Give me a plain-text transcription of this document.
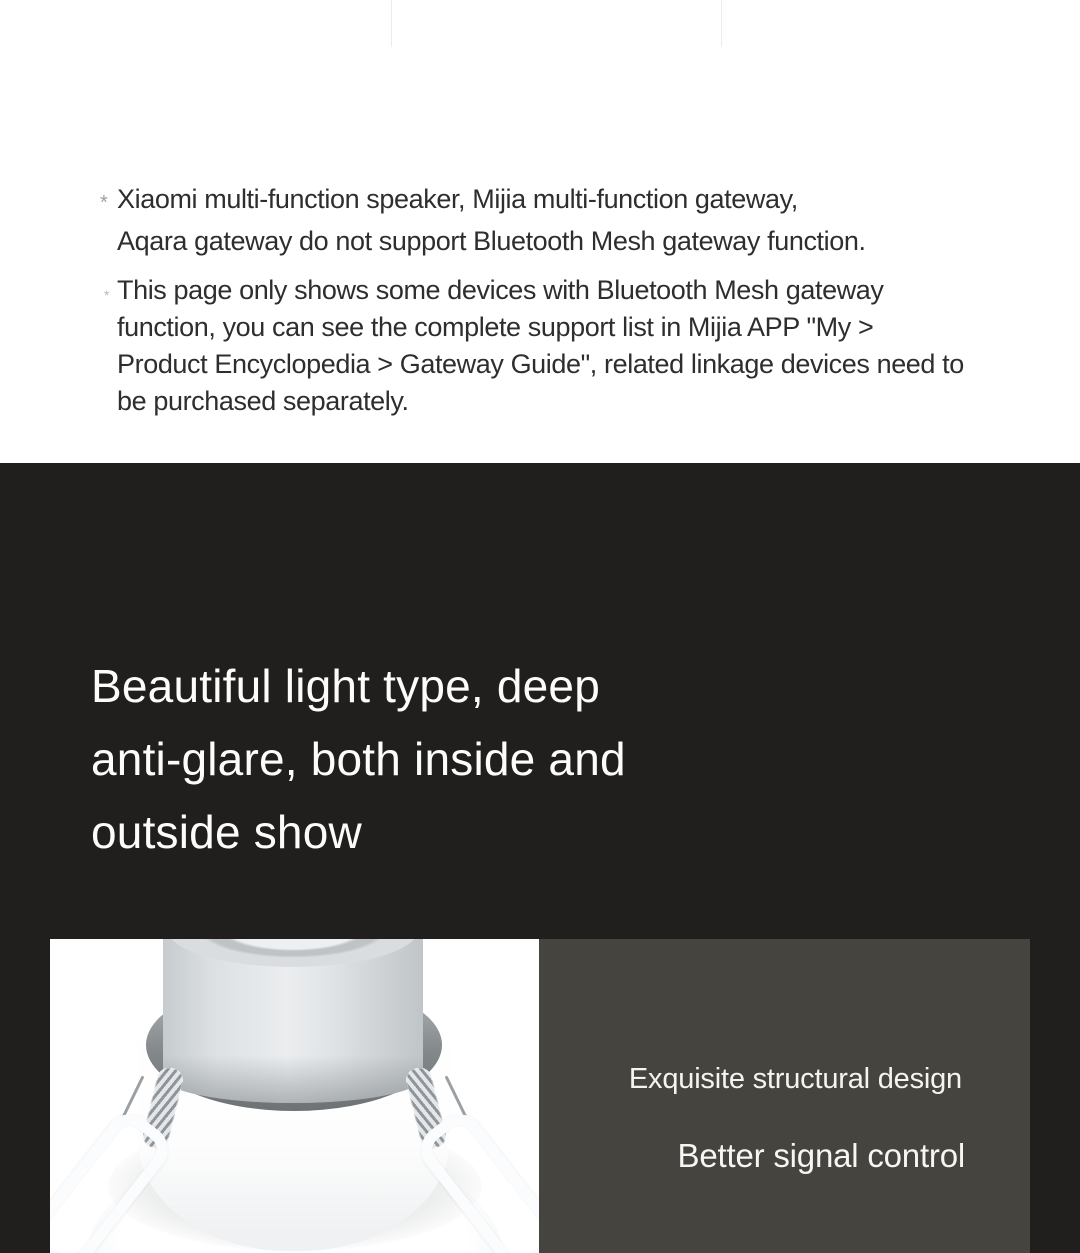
* Xiaomi multi-function speaker, Mijia multi-function gateway,
Aqara gateway do not support Bluetooth Mesh gateway function.
* This page only shows some devices with Bluetooth Mesh gateway
function, you can see the complete support list in Mijia APP "My >
Product Encyclopedia > Gateway Guide", related linkage devices need to
be purchased separately.
Beautiful light type, deep
anti-glare, both inside and
outside show
Exquisite structural design
Better signal control
